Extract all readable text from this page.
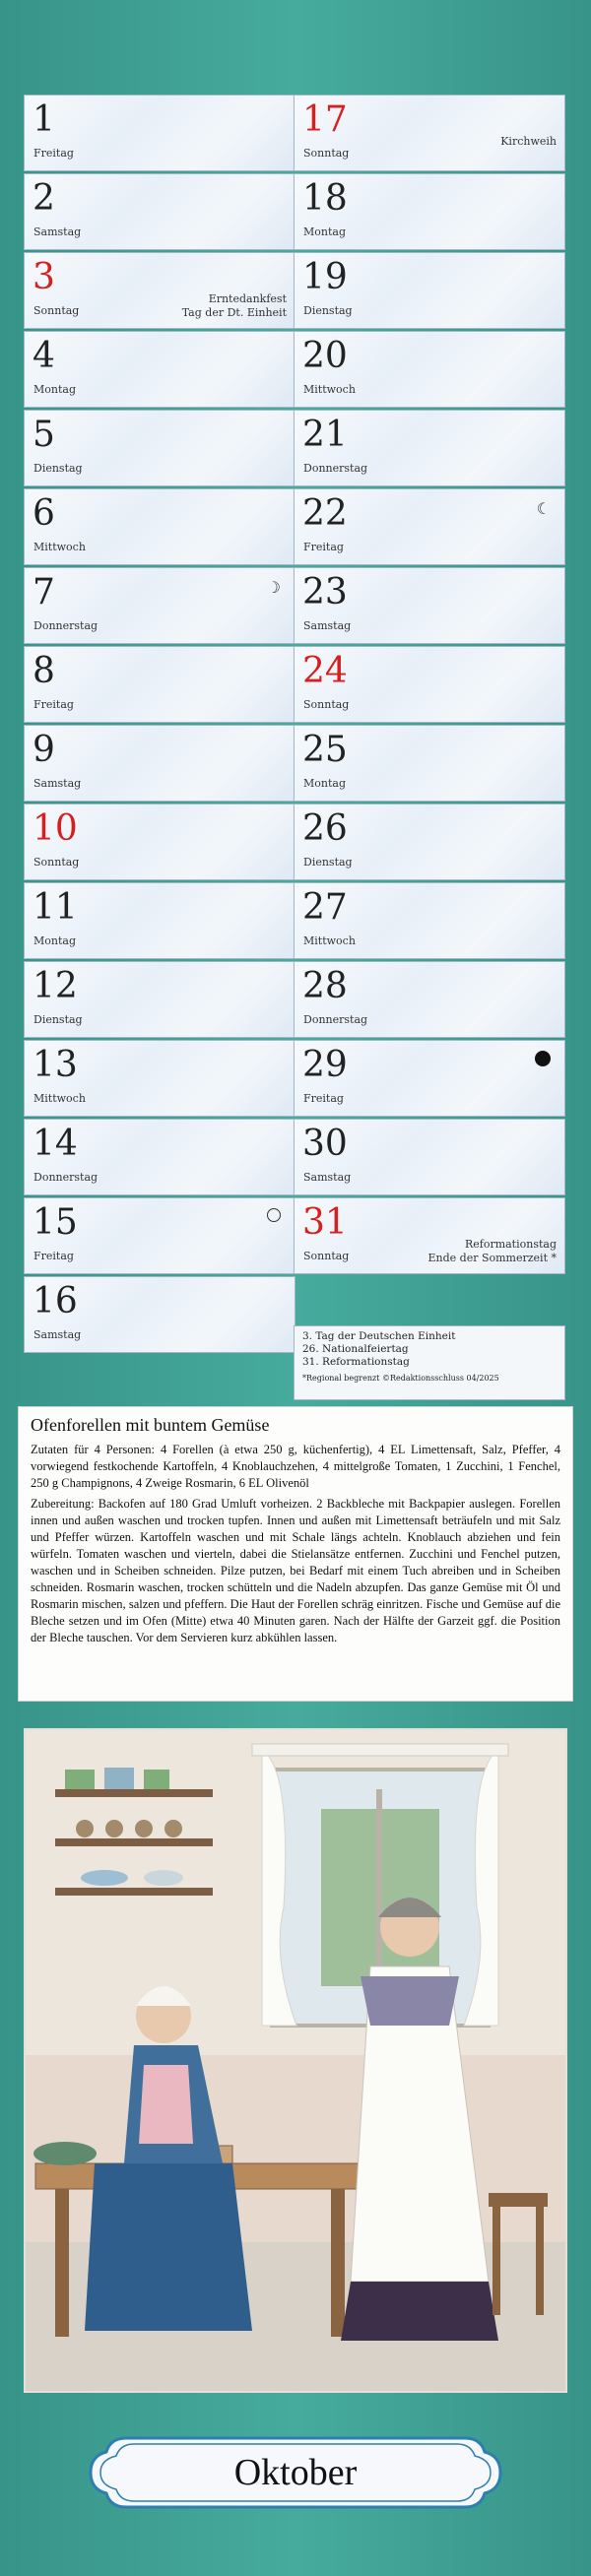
1
Freitag
2
Samstag
3
Sonntag
Erntedankfest
Tag der Dt. Einheit
4
Montag
5
Dienstag
6
Mittwoch
7
Donnerstag
☽
8
Freitag
9
Samstag
10
Sonntag
11
Montag
12
Dienstag
13
Mittwoch
14
Donnerstag
15
Freitag
16
Samstag
17
Sonntag
Kirchweih
18
Montag
19
Dienstag
20
Mittwoch
21
Donnerstag
22
Freitag
☾
23
Samstag
24
Sonntag
25
Montag
26
Dienstag
27
Mittwoch
28
Donnerstag
29
Freitag
30
Samstag
31
Sonntag
Reformationstag
Ende der Sommerzeit *
3. Tag der Deutschen Einheit
26. Nationalfeiertag
31. Reformationstag
*Regional begrenzt ©Redaktionsschluss 04/2025
Ofenforellen mit buntem Gemüse

Zutaten für 4 Personen: 4 Forellen (à etwa 250 g, küchenfertig), 4 EL Limettensaft, Salz, Pfeffer, 4 vorwiegend festkochende Kartoffeln, 4 Knoblauchzehen, 4 mittelgroße Tomaten, 1 Zucchini, 1 Fenchel, 250 g Champignons, 4 Zweige Rosmarin, 6 EL Olivenöl

Zubereitung: Backofen auf 180 Grad Umluft vorheizen. 2 Backbleche mit Backpapier auslegen. Forellen innen und außen waschen und trocken tupfen. Innen und außen mit Limettensaft beträufeln und mit Salz und Pfeffer würzen. Kartoffeln waschen und mit Schale längs achteln. Knoblauch abziehen und fein würfeln. Tomaten waschen und vierteln, dabei die Stielansätze entfernen. Zucchini und Fenchel putzen, waschen und in Scheiben schneiden. Pilze putzen, bei Bedarf mit einem Tuch abreiben und in Scheiben schneiden. Rosmarin waschen, trocken schütteln und die Nadeln abzupfen. Das ganze Gemüse mit Öl und Rosmarin mischen, salzen und pfeffern. Die Haut der Forellen schräg einritzen. Fische und Gemüse auf die Bleche setzen und im Ofen (Mitte) etwa 40 Minuten garen. Nach der Hälfte der Garzeit ggf. die Position der Bleche tauschen. Vor dem Servieren kurz abkühlen lassen.

Oktober
